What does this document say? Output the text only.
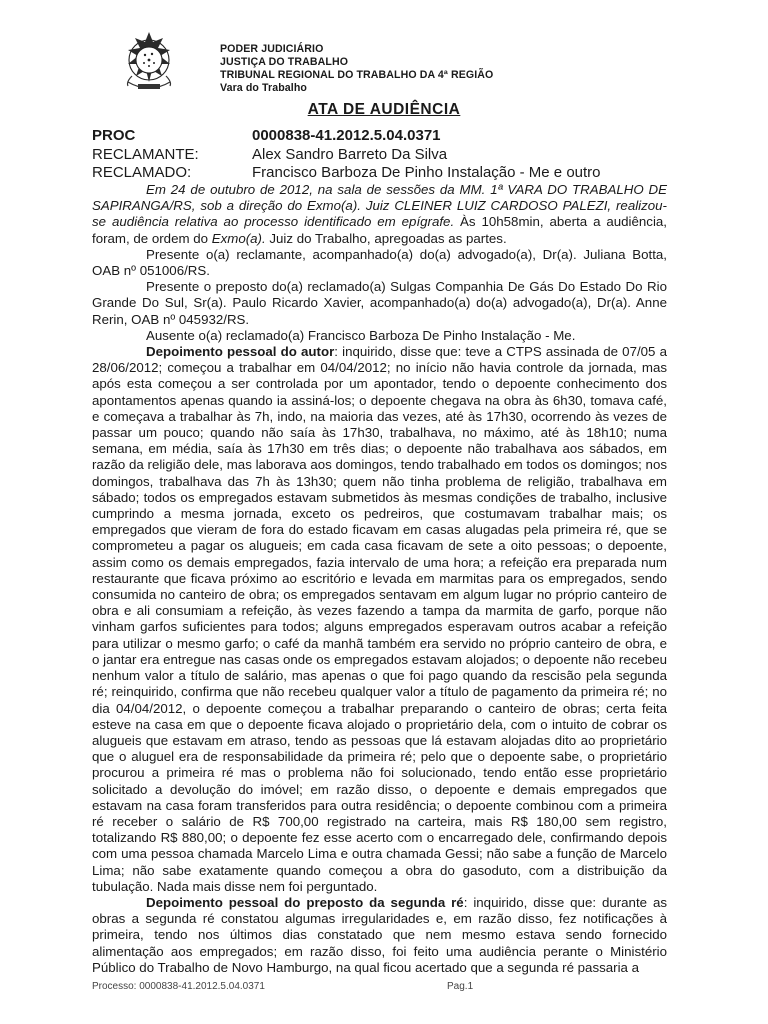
PODER JUDICIÁRIO
JUSTIÇA DO TRABALHO
TRIBUNAL REGIONAL DO TRABALHO DA 4ª REGIÃO
Vara do Trabalho
ATA DE AUDIÊNCIA
PROC	0000838-41.2012.5.04.0371
RECLAMANTE:	Alex Sandro Barreto Da Silva
RECLAMADO:	Francisco Barboza De Pinho Instalação - Me e outro

Em 24 de outubro de 2012, na sala de sessões da MM. 1ª VARA DO TRABALHO DE SAPIRANGA/RS, sob a direção do Exmo(a). Juiz CLEINER LUIZ CARDOSO PALEZI, realizou-se audiência relativa ao processo identificado em epígrafe. Às 10h58min, aberta a audiência, foram, de ordem do Exmo(a). Juiz do Trabalho, apregoadas as partes.

Presente o(a) reclamante, acompanhado(a) do(a) advogado(a), Dr(a). Juliana Botta, OAB nº 051006/RS.

Presente o preposto do(a) reclamado(a) Sulgas Companhia De Gás Do Estado Do Rio Grande Do Sul, Sr(a). Paulo Ricardo Xavier, acompanhado(a) do(a) advogado(a), Dr(a). Anne Rerin, OAB nº 045932/RS.

Ausente o(a) reclamado(a) Francisco Barboza De Pinho Instalação - Me.

Depoimento pessoal do autor: inquirido, disse que: teve a CTPS assinada de 07/05 a 28/06/2012; começou a trabalhar em 04/04/2012; no início não havia controle da jornada, mas após esta começou a ser controlada por um apontador, tendo o depoente conhecimento dos apontamentos apenas quando ia assiná-los; o depoente chegava na obra às 6h30, tomava café, e começava a trabalhar às 7h, indo, na maioria das vezes, até às 17h30, ocorrendo às vezes de passar um pouco; quando não saía às 17h30, trabalhava, no máximo, até às 18h10; numa semana, em média, saía às 17h30 em três dias; o depoente não trabalhava aos sábados, em razão da religião dele, mas laborava aos domingos, tendo trabalhado em todos os domingos; nos domingos, trabalhava das 7h às 13h30; quem não tinha problema de religião, trabalhava em sábado; todos os empregados estavam submetidos às mesmas condições de trabalho, inclusive cumprindo a mesma jornada, exceto os pedreiros, que costumavam trabalhar mais; os empregados que vieram de fora do estado ficavam em casas alugadas pela primeira ré, que se comprometeu a pagar os alugueis; em cada casa ficavam de sete a oito pessoas; o depoente, assim como os demais empregados, fazia intervalo de uma hora; a refeição era preparada num restaurante que ficava próximo ao escritório e levada em marmitas para os empregados, sendo consumida no canteiro de obra; os empregados sentavam em algum lugar no próprio canteiro de obra e ali consumiam a refeição, às vezes fazendo a tampa da marmita de garfo, porque não vinham garfos suficientes para todos; alguns empregados esperavam outros acabar a refeição para utilizar o mesmo garfo; o café da manhã também era servido no próprio canteiro de obra, e o jantar era entregue nas casas onde os empregados estavam alojados; o depoente não recebeu nenhum valor a título de salário, mas apenas o que foi pago quando da rescisão pela segunda ré; reinquirido, confirma que não recebeu qualquer valor a título de pagamento da primeira ré; no dia 04/04/2012, o depoente começou a trabalhar preparando o canteiro de obras; certa feita esteve na casa em que o depoente ficava alojado o proprietário dela, com o intuito de cobrar os alugueis que estavam em atraso, tendo as pessoas que lá estavam alojadas dito ao proprietário que o aluguel era de responsabilidade da primeira ré; pelo que o depoente sabe, o proprietário procurou a primeira ré mas o problema não foi solucionado, tendo então esse proprietário solicitado a devolução do imóvel; em razão disso, o depoente e demais empregados que estavam na casa foram transferidos para outra residência; o depoente combinou com a primeira ré receber o salário de R$ 700,00 registrado na carteira, mais R$ 180,00 sem registro, totalizando R$ 880,00; o depoente fez esse acerto com o encarregado dele, confirmando depois com uma pessoa chamada Marcelo Lima e outra chamada Gessi; não sabe a função de Marcelo Lima; não sabe exatamente quando começou a obra do gasoduto, com a distribuição da tubulação. Nada mais disse nem foi perguntado.

Depoimento pessoal do preposto da segunda ré: inquirido, disse que: durante as obras a segunda ré constatou algumas irregularidades e, em razão disso, fez notificações à primeira, tendo nos últimos dias constatado que nem mesmo estava sendo fornecido alimentação aos empregados; em razão disso, foi feito uma audiência perante o Ministério Público do Trabalho de Novo Hamburgo, na qual ficou acertado que a segunda ré passaria a

Processo: 0000838-41.2012.5.04.0371	Pag.1
